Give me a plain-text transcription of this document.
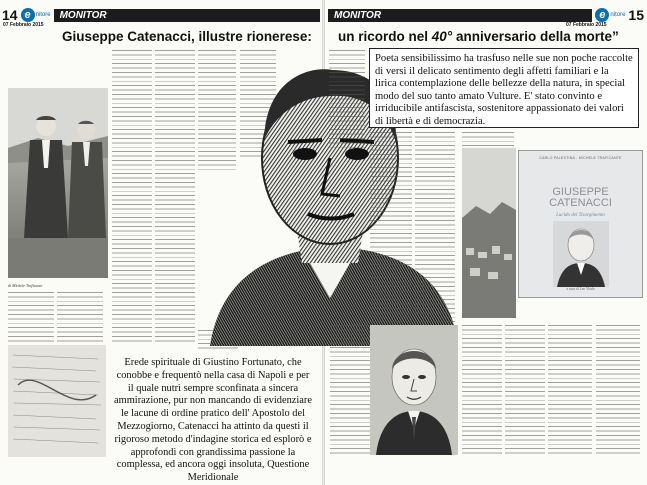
14 e nitore MONITOR
07 Febbraio 2015
MONITOR	e nitore 15
07 Febbraio 2015
Giuseppe Catenacci, illustre rionerese: un ricordo nel 40° anniversario della morte”
di Michele Traficante
Erede spirituale di Giustino Fortunato, che conobbe e frequentò nella casa di Napoli e per il quale nutrì sempre sconfinata a sincera ammirazione, pur non mancando di evidenziare le lacune di ordine pratico dell' Apostolo del Mezzogiorno, Catenacci ha attinto da questi il rigoroso metodo d'indagine storica ed esplorò e approfondì con grandissima passione la complessa, ed ancora oggi insoluta, Questione Meridionale
CARLO PALESTINA - MICHELE TRAFICANTE
GIUSEPPE
CATENACCI
Lucido del Tisorgimento
a cura di Leo Vitale
Poeta sensibilissimo ha trasfuso nelle sue non poche raccolte di versi il delicato sentimento degli affetti familiari e la lirica contemplazione delle bellezze della natura, in special modo del suo tanto amato Vulture. E' stato convinto e irriducibile antifascista, sostenitore appassionato dei valori di libertà e di democrazia.
